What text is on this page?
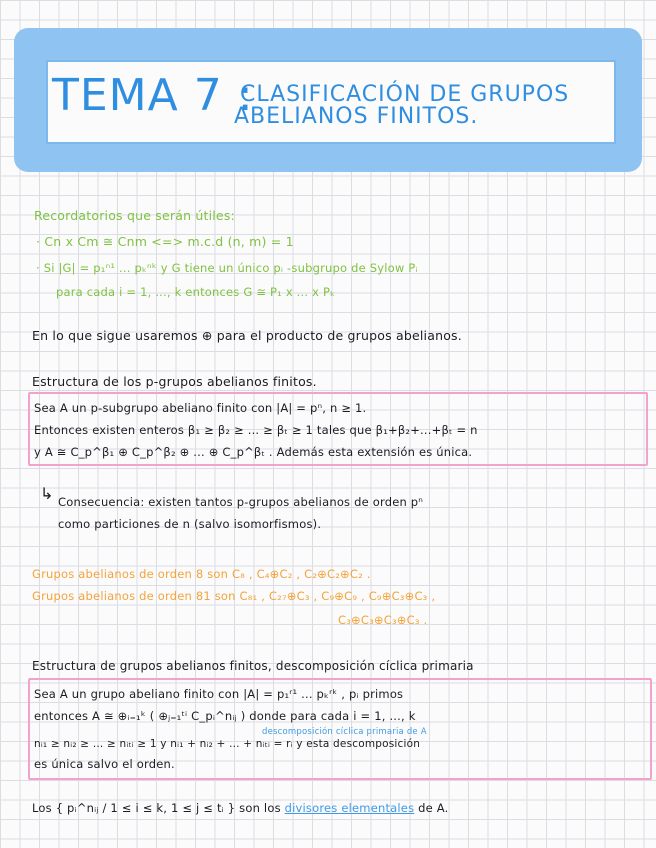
TEMA 7 :
CLASIFICACIÓN DE GRUPOS
ABELIANOS FINITOS.
Recordatorios que serán útiles:
· Cn x Cm ≅ Cnm <=> m.c.d (n, m) = 1
· Si |G| = p₁ⁿ¹ ... pₖⁿᵏ y G tiene un único pᵢ -subgrupo de Sylow Pᵢ
para cada i = 1, ..., k entonces G ≅ P₁ x ... x Pₖ
En lo que sigue usaremos ⊕ para el producto de grupos abelianos.
Estructura de los p-grupos abelianos finitos.
Sea A un p-subgrupo abeliano finito con |A| = pⁿ, n ≥ 1.
Entonces existen enteros β₁ ≥ β₂ ≥ ... ≥ βₜ ≥ 1 tales que β₁+β₂+...+βₜ = n
y A ≅ C_p^β₁ ⊕ C_p^β₂ ⊕ ... ⊕ C_p^βₜ . Además esta extensión es única.
↳ Consecuencia: existen tantos p-grupos abelianos de orden pⁿ
como particiones de n (salvo isomorfismos).
Grupos abelianos de orden 8 son C₈ , C₄⊕C₂ , C₂⊕C₂⊕C₂ .
Grupos abelianos de orden 81 son C₈₁ , C₂₇⊕C₃ , C₉⊕C₉ , C₉⊕C₃⊕C₃ ,
C₃⊕C₃⊕C₃⊕C₃ .
Estructura de grupos abelianos finitos, descomposición cíclica primaria
Sea A un grupo abeliano finito con |A| = p₁ʳ¹ ... pₖʳᵏ , pᵢ primos
entonces A ≅ ⊕ᵢ₌₁ᵏ ( ⊕ⱼ₌₁ᵗⁱ C_pᵢ^nᵢⱼ ) donde para cada i = 1, ..., k
descomposición cíclica primaria de A
nᵢ₁ ≥ nᵢ₂ ≥ ... ≥ nᵢₜᵢ ≥ 1 y nᵢ₁ + nᵢ₂ + ... + nᵢₜᵢ = rᵢ y esta descomposición
es única salvo el orden.
Los { pᵢ^nᵢⱼ / 1 ≤ i ≤ k, 1 ≤ j ≤ tᵢ } son los divisores elementales de A.
